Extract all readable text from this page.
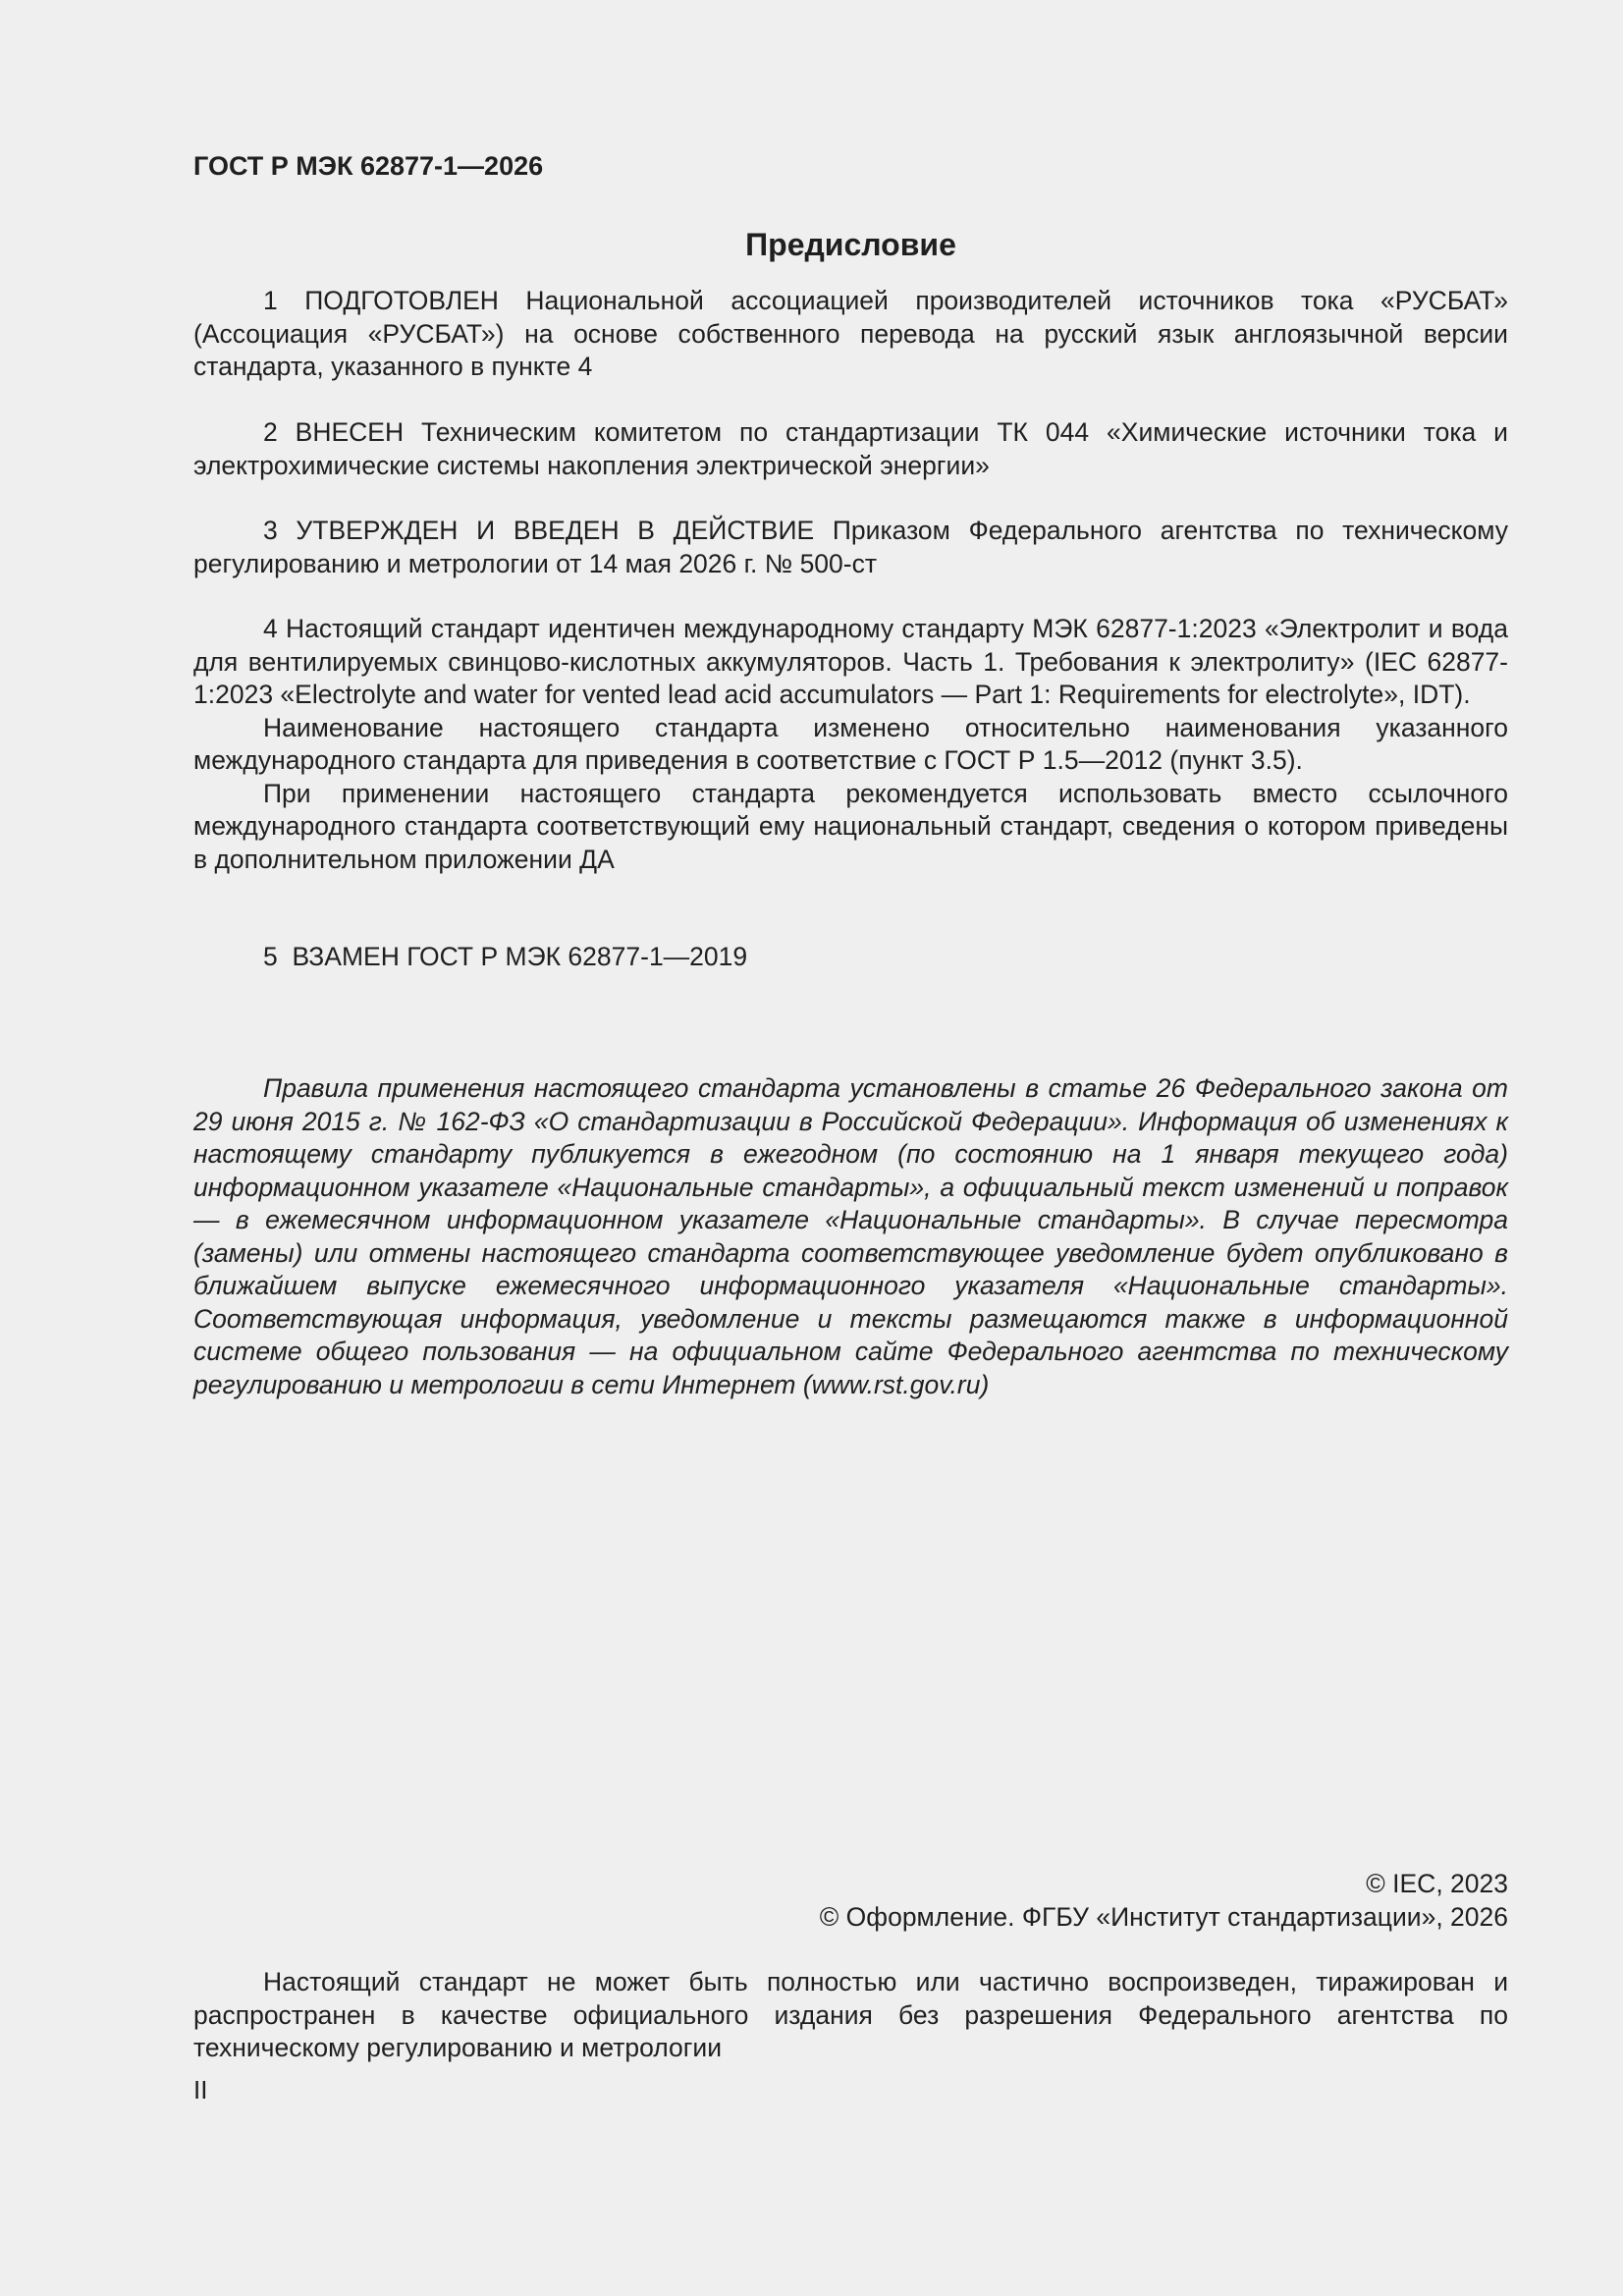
ГОСТ Р МЭК 62877-1—2026
Предисловие

1 ПОДГОТОВЛЕН Национальной ассоциацией производителей источников тока «РУСБАТ» (Ассоциация «РУСБАТ») на основе собственного перевода на русский язык англоязычной версии стандарта, указанного в пункте 4

2 ВНЕСЕН Техническим комитетом по стандартизации ТК 044 «Химические источники тока и электрохимические системы накопления электрической энергии»

3 УТВЕРЖДЕН И ВВЕДЕН В ДЕЙСТВИЕ Приказом Федерального агентства по техническому регулированию и метрологии от 14 мая 2026 г. № 500-ст

4 Настоящий стандарт идентичен международному стандарту МЭК 62877-1:2023 «Электролит и вода для вентилируемых свинцово-кислотных аккумуляторов. Часть 1. Требования к электролиту» (IEC 62877-1:2023 «Electrolyte and water for vented lead acid accumulators — Part 1: Requirements for electrolyte», IDT).

Наименование настоящего стандарта изменено относительно наименования указанного международного стандарта для приведения в соответствие с ГОСТ Р 1.5—2012 (пункт 3.5).

При применении настоящего стандарта рекомендуется использовать вместо ссылочного международного стандарта соответствующий ему национальный стандарт, сведения о котором приведены в дополнительном приложении ДА

5  ВЗАМЕН ГОСТ Р МЭК 62877-1—2019

Правила применения настоящего стандарта установлены в статье 26 Федерального закона от 29 июня 2015 г. № 162-ФЗ «О стандартизации в Российской Федерации». Информация об изменениях к настоящему стандарту публикуется в ежегодном (по состоянию на 1 января текущего года) информационном указателе «Национальные стандарты», а официальный текст изменений и поправок — в ежемесячном информационном указателе «Национальные стандарты». В случае пересмотра (замены) или отмены настоящего стандарта соответствующее уведомление будет опубликовано в ближайшем выпуске ежемесячного информационного указателя «Национальные стандарты». Соответствующая информация, уведомление и тексты размещаются также в информационной системе общего пользования — на официальном сайте Федерального агентства по техническому регулированию и метрологии в сети Интернет (www.rst.gov.ru)

© IEC, 2023

© Оформление. ФГБУ «Институт стандартизации», 2026

Настоящий стандарт не может быть полностью или частично воспроизведен, тиражирован и распространен в качестве официального издания без разрешения Федерального агентства по техническому регулированию и метрологии

II
